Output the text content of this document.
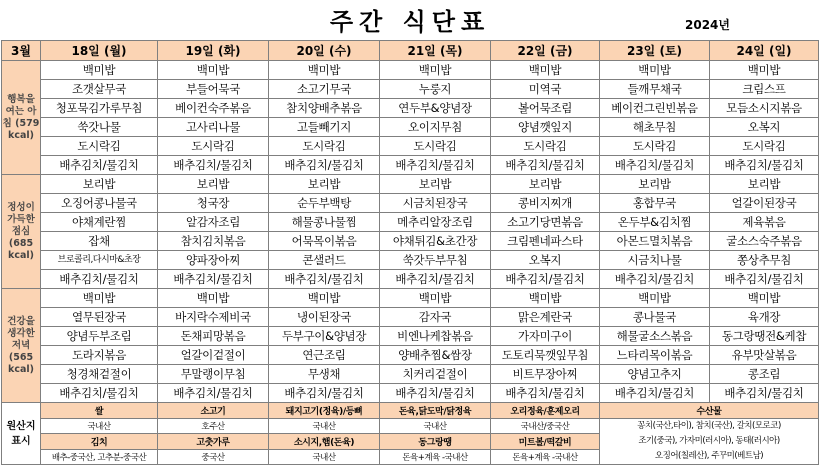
주간 식단표	2024년
3월	18일 (월)	19일 (화)	20일 (수)	21일 (목)	22일 (금)	23일 (토)	24일 (일)
행복을 여는 아침 (579 kcal)	백미밥	백미밥	백미밥	백미밥	백미밥	백미밥	백미밥
	조갯살무국	부들어묵국	소고기무국	누룽지	미역국	들깨무채국	크림스프
	청포묵김가루무침	베이컨숙주볶음	참치양배추볶음	연두부&양념장	볼어묵조림	베이컨그린빈볶음	모듬소시지볶음
	쑥갓나물	고사리나물	고들빼기지	오이지무침	양념깻잎지	해초무침	오복지
	도시락김	도시락김	도시락김	도시락김	도시락김	도시락김	도시락김
	배추김치/물김치	배추김치/물김치	배추김치/물김치	배추김치/물김치	배추김치/물김치	배추김치/물김치	배추김치/물김치
정성이 가득한 점심 (685 kcal)	보리밥	보리밥	보리밥	보리밥	보리밥	보리밥	보리밥
	오징어콩나물국	청국장	순두부백탕	시금치된장국	콩비지찌개	홍합무국	얼갈이된장국
	야채계란찜	알감자조림	해물콩나물찜	메추리알장조림	소고기당면볶음	온두부&김치찜	제육볶음
	잡채	참치김치볶음	어묵목이볶음	야채튀김&초간장	크림펜네파스타	아몬드멸치볶음	굴소스숙주볶음
	브로콜리,다시마&초장	양파장아찌	콘샐러드	쑥갓두부무침	오복지	시금치나물	쫑상추무침
	배추김치/물김치	배추김치/물김치	배추김치/물김치	배추김치/물김치	배추김치/물김치	배추김치/물김치	배추김치/물김치
건강을 생각한 저녁 (565 kcal)	백미밥	백미밥	백미밥	백미밥	백미밥	백미밥	백미밥
	열무된장국	바지락수제비국	냉이된장국	감자국	맑은계란국	콩나물국	육개장
	양념두부조림	돈채피망볶음	두부구이&양념장	비엔나케찹볶음	가자미구이	해물굴소스볶음	동그랑땡전&케찹
	도라지볶음	얼갈이겉절이	연근조림	양배추찜&쌈장	도토리묵깻잎무침	느타리목이볶음	유부맛살볶음
	청경채겉절이	무말랭이무침	무생채	치커리겉절이	비트무장아찌	양념고추지	콩조림
	배추김치/물김치	배추김치/물김치	배추김치/물김치	배추김치/물김치	배추김치/물김치	배추김치/물김치	배추김치/물김치
원산지 표시	쌀	소고기	돼지고기(정육)/등뼈	돈육,닭도막/닭정육	오리정육/훈제오리	수산물	
	국내산	호주산	국내산	국내산	국내산/중국산	꽁치(국산,타이), 참치(국산), 갈치(모로코)
조기(중국), 가자미(러시아), 동태(러시아)
오징어(칠레산), 주꾸미(베트남)	

	김치	고춧가루	소시지,햄(돈육)	동그랑땡	미트볼/떡갈비		
	배추-중국산, 고추분-중국산	중국산	국내산	돈육+계육 -국내산	돈육+계육 -국내산		
